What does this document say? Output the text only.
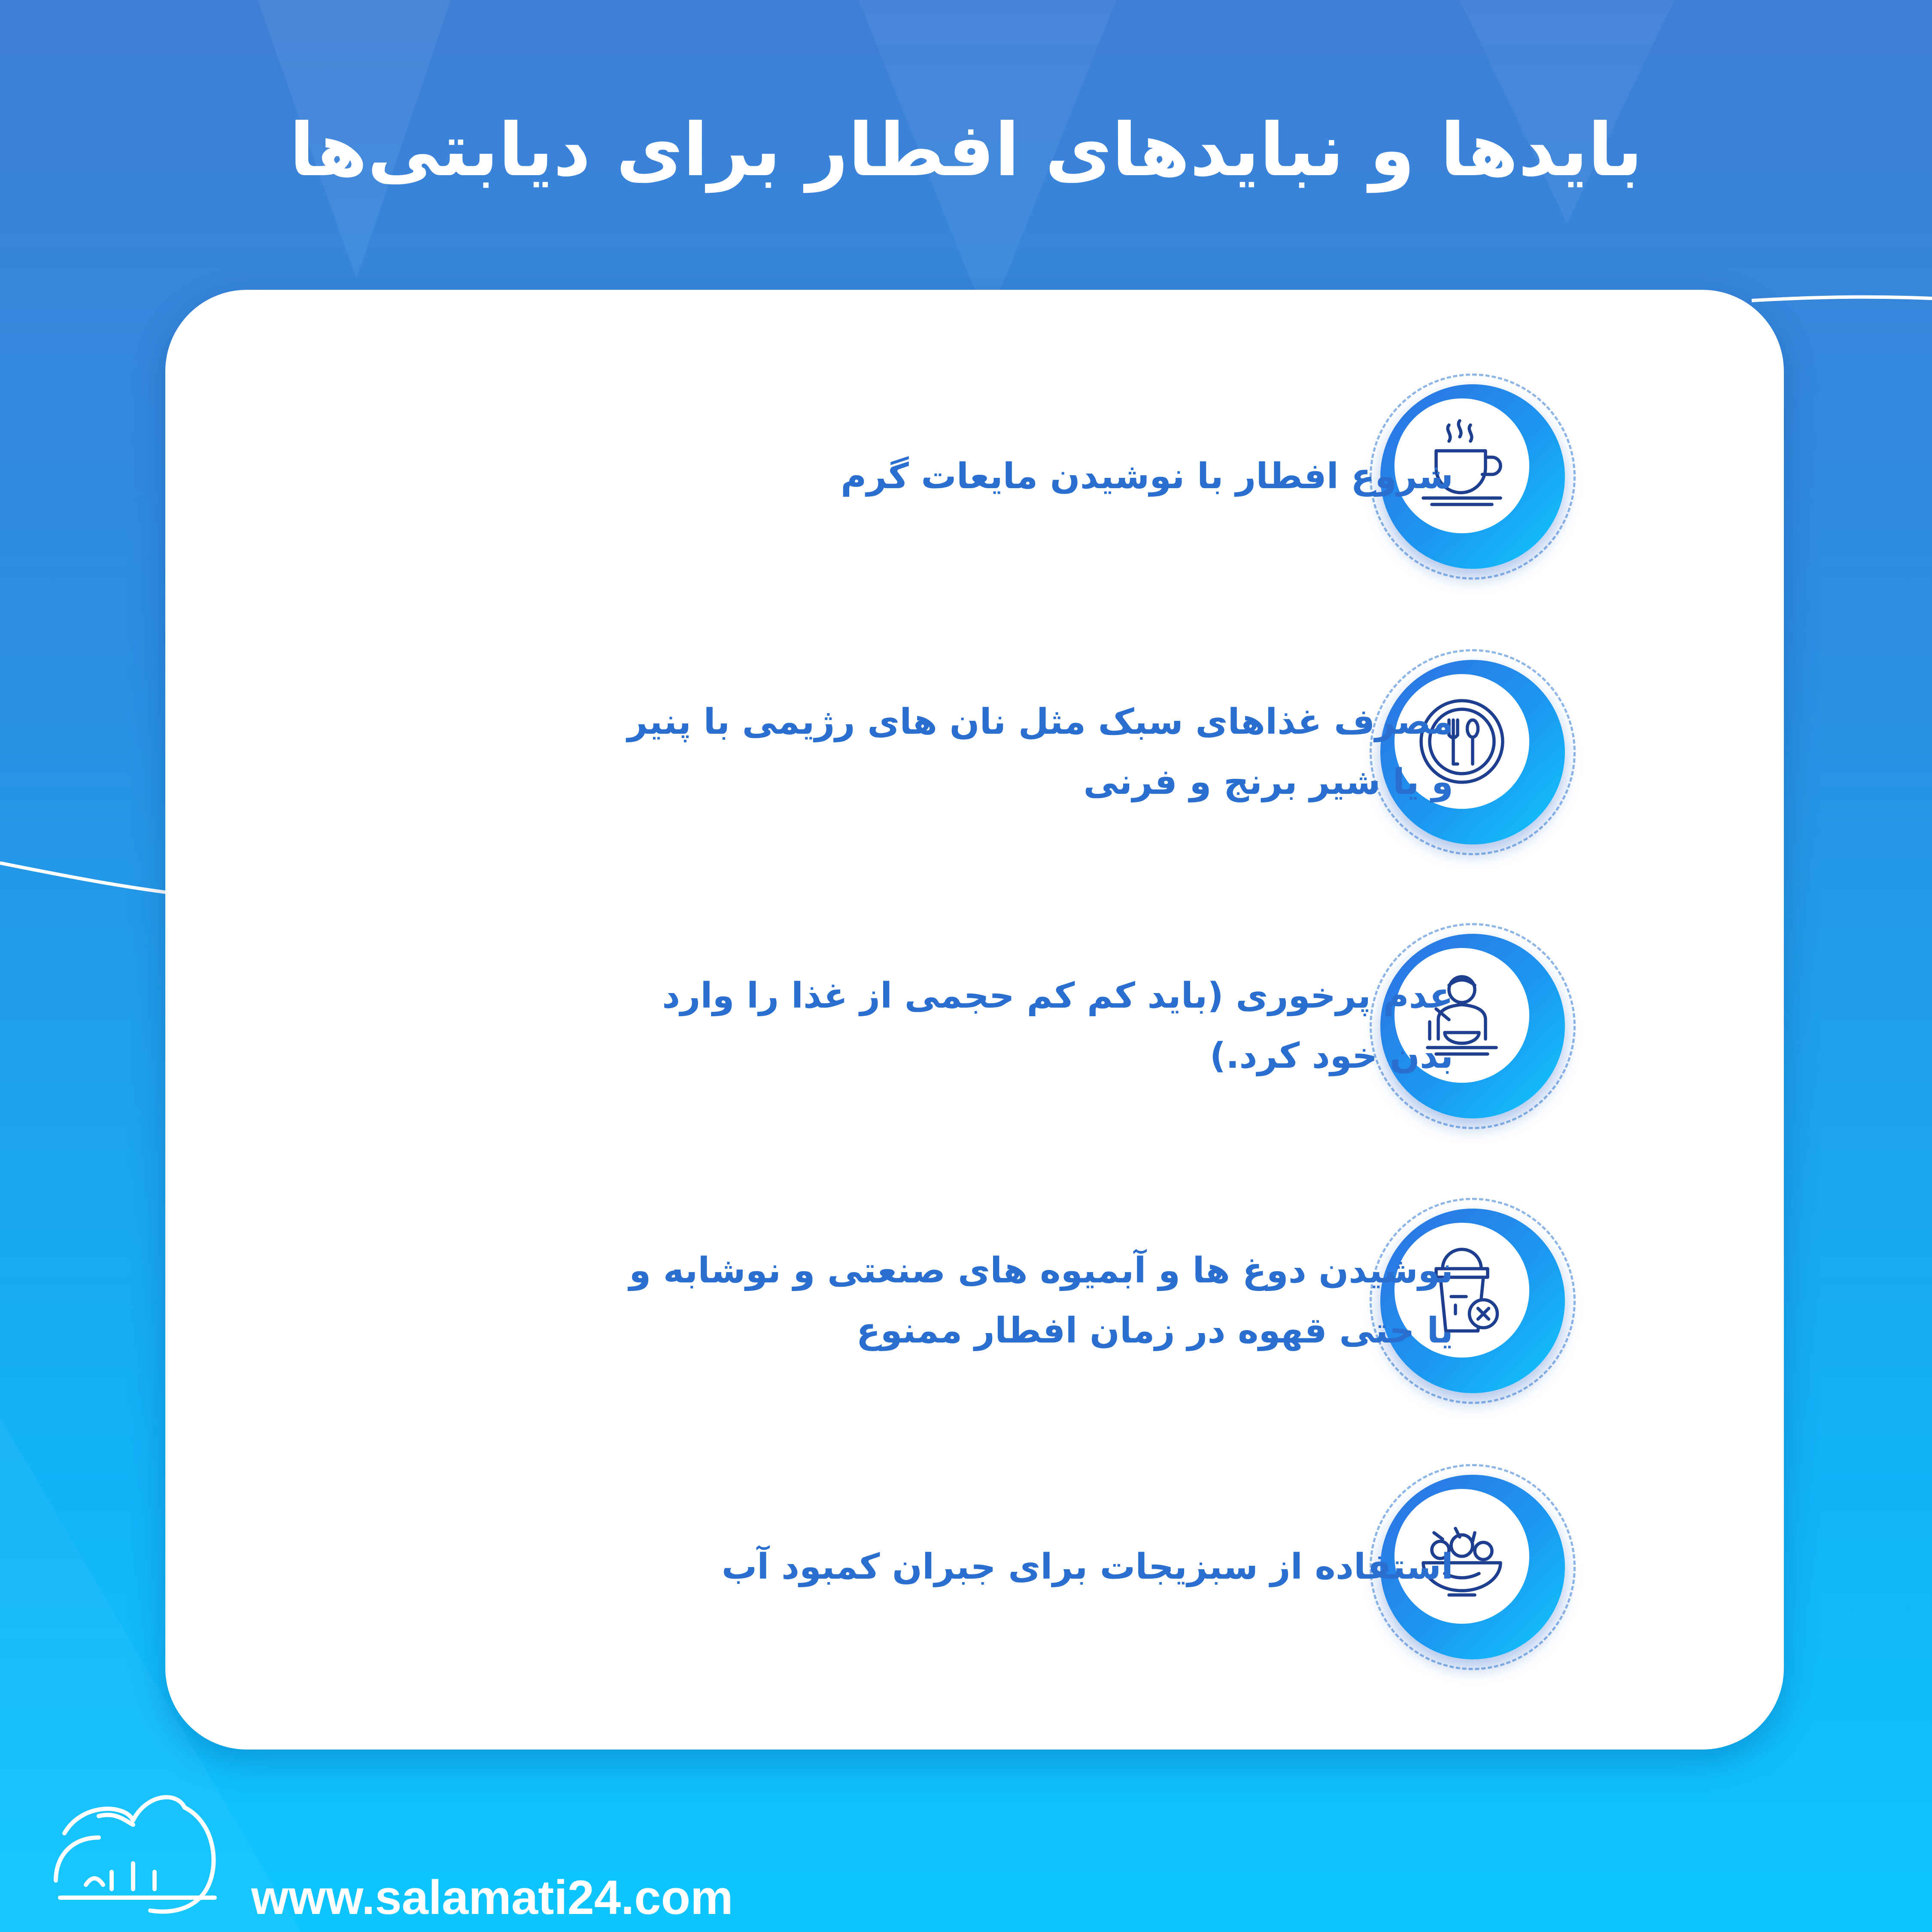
بایدها و نبایدهای افطار برای دیابتی‌ها
شروع افطار با نوشیدن مایعات گرم
مصرف غذاهای سبک مثل نان های رژیمی با پنیر و یا شیر برنج و فرنی
عدم پرخوری (باید کم کم حجمی از غذا را وارد بدن خود کرد.)
نوشیدن دوغ ها و آبمیوه های صنعتی و نوشابه و یا حتی قهوه در زمان افطار ممنوع
استفاده از سبزیجات برای جبران کمبود آب
www.salamati24.com
